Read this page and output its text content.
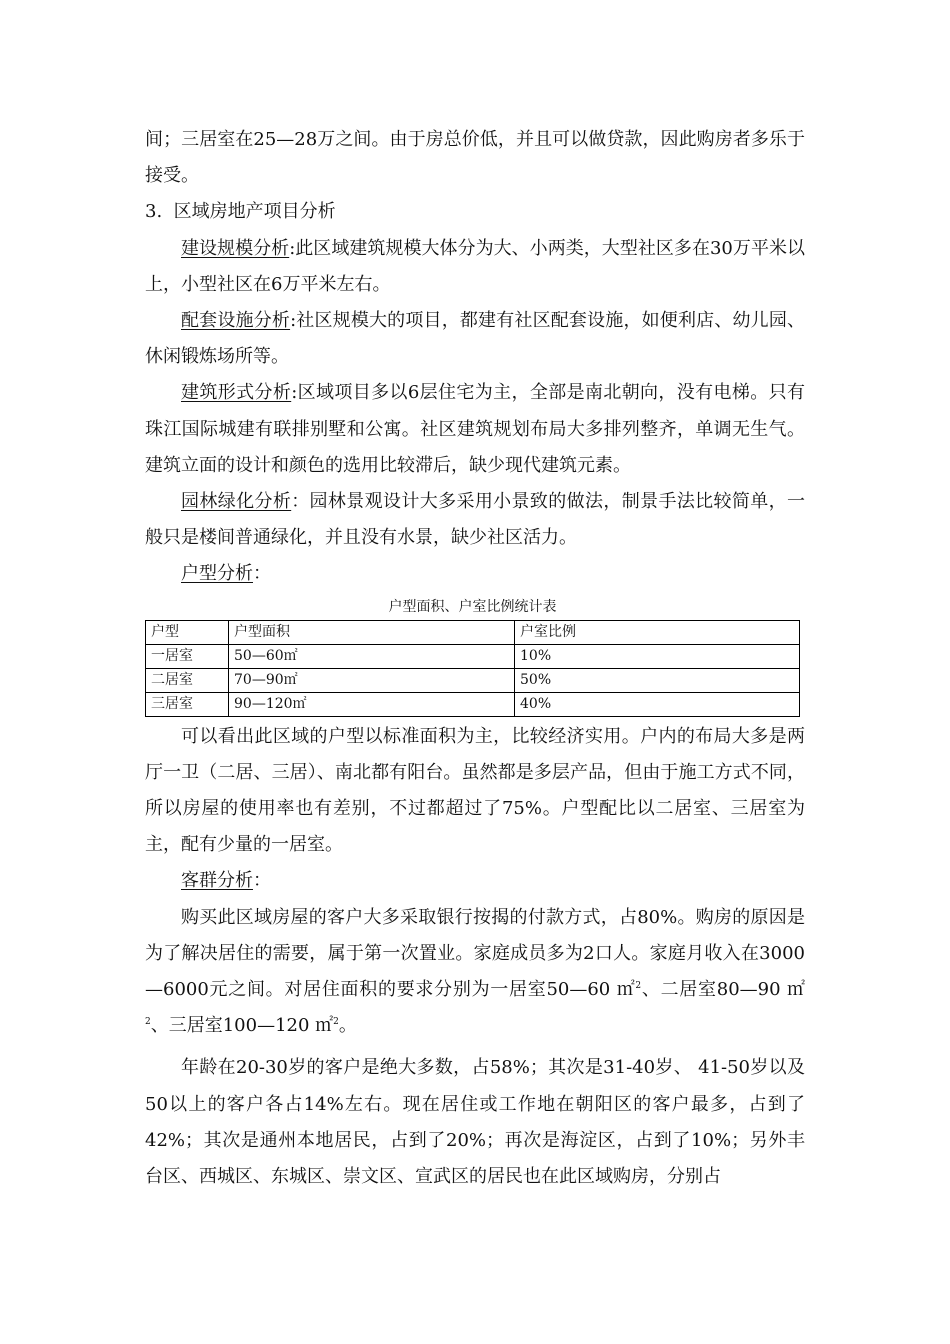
间；三居室在25—28万之间。由于房总价低，并且可以做贷款，因此购房者多乐于接受。

3.  区域房地产项目分析

建设规模分析:此区域建筑规模大体分为大、小两类，大型社区多在30万平米以上，小型社区在6万平米左右。

配套设施分析:社区规模大的项目，都建有社区配套设施，如便利店、幼儿园、休闲锻炼场所等。

建筑形式分析:区域项目多以6层住宅为主，全部是南北朝向，没有电梯。只有珠江国际城建有联排别墅和公寓。社区建筑规划布局大多排列整齐，单调无生气。建筑立面的设计和颜色的选用比较滞后，缺少现代建筑元素。

园林绿化分析：园林景观设计大多采用小景致的做法，制景手法比较简单，一般只是楼间普通绿化，并且没有水景，缺少社区活力。

户型分析：

户型面积、户室比例统计表
户型	户型面积	户室比例
一居室	50—60㎡	10%
二居室	70—90㎡	50%
三居室	90—120㎡	40%

可以看出此区域的户型以标准面积为主，比较经济实用。户内的布局大多是两厅一卫（二居、三居）、南北都有阳台。虽然都是多层产品，但由于施工方式不同，所以房屋的使用率也有差别，不过都超过了75%。户型配比以二居室、三居室为主，配有少量的一居室。

客群分析：

购买此区域房屋的客户大多采取银行按揭的付款方式，占80%。购房的原因是为了解决居住的需要，属于第一次置业。家庭成员多为2口人。家庭月收入在3000—6000元之间。对居住面积的要求分别为一居室50—60 ㎡$^2$、二居室80—90 ㎡$^2$、三居室100—120 ㎡$^2$。

年龄在20-30岁的客户是绝大多数，占58%；其次是31-40岁、 41-50岁以及50以上的客户各占14%左右。现在居住或工作地在朝阳区的客户最多，占到了42%；其次是通州本地居民，占到了20%；再次是海淀区，占到了10%；另外丰台区、西城区、东城区、崇文区、宣武区的居民也在此区域购房，分别占
